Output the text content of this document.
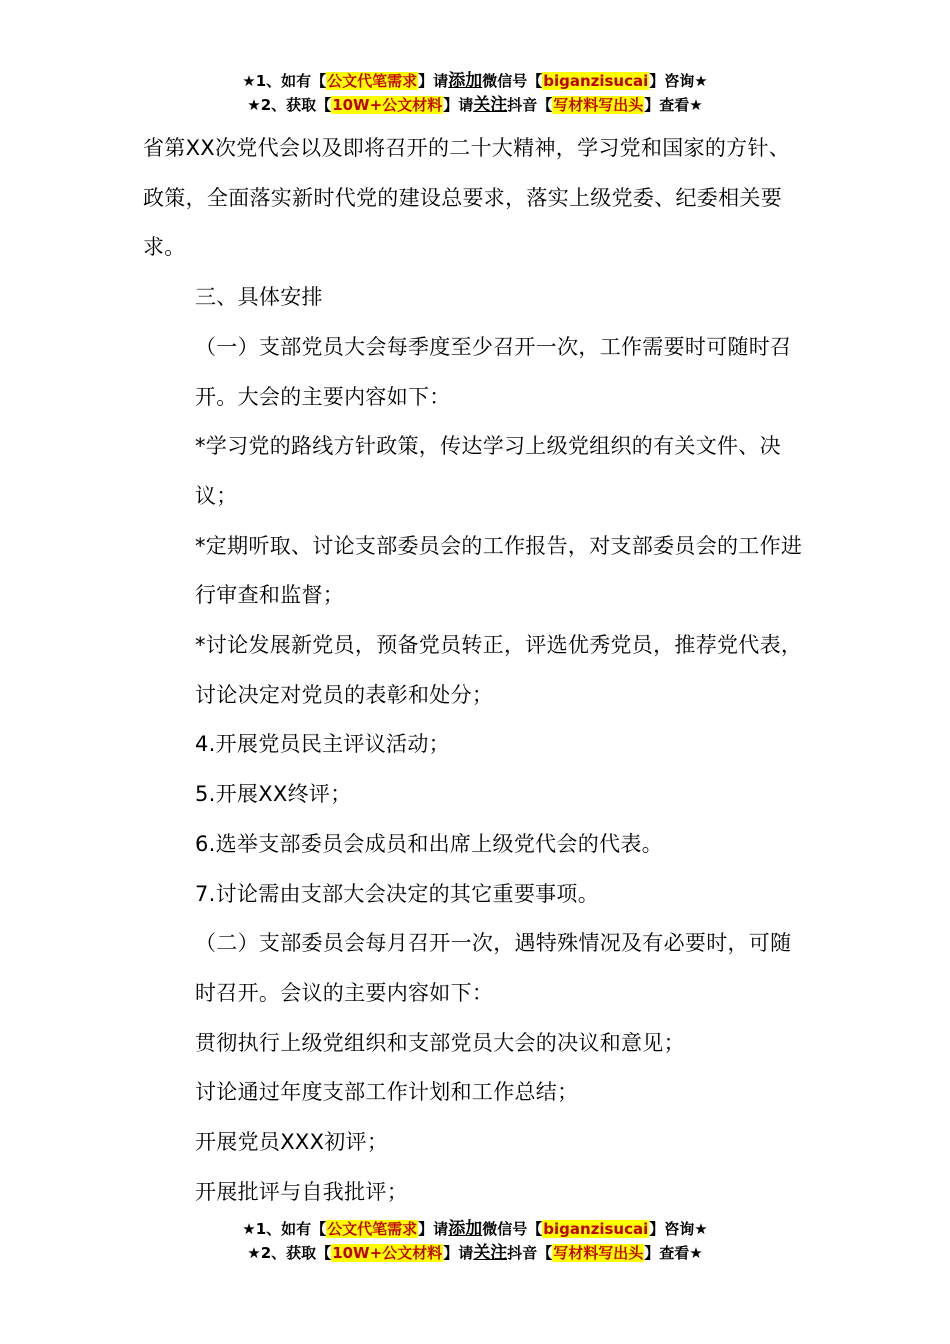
★1、如有【公文代笔需求】请添加微信号【biganzisucai】咨询★
★2、获取【10W+公文材料】请关注抖音【写材料写出头】查看★

省第XX次党代会以及即将召开的二十大精神，学习党和国家的方针、政策，全面落实新时代党的建设总要求，落实上级党委、纪委相关要求。

三、具体安排

（一）支部党员大会每季度至少召开一次，工作需要时可随时召开。大会的主要内容如下：

*学习党的路线方针政策，传达学习上级党组织的有关文件、决议；

*定期听取、讨论支部委员会的工作报告，对支部委员会的工作进行审查和监督；

*讨论发展新党员，预备党员转正，评选优秀党员，推荐党代表，讨论决定对党员的表彰和处分；

4.开展党员民主评议活动；

5.开展XX终评；

6.选举支部委员会成员和出席上级党代会的代表。

7.讨论需由支部大会决定的其它重要事项。

（二）支部委员会每月召开一次，遇特殊情况及有必要时，可随时召开。会议的主要内容如下：

贯彻执行上级党组织和支部党员大会的决议和意见；

讨论通过年度支部工作计划和工作总结；

开展党员XXX初评；

开展批评与自我批评；

★1、如有【公文代笔需求】请添加微信号【biganzisucai】咨询★
★2、获取【10W+公文材料】请关注抖音【写材料写出头】查看★
